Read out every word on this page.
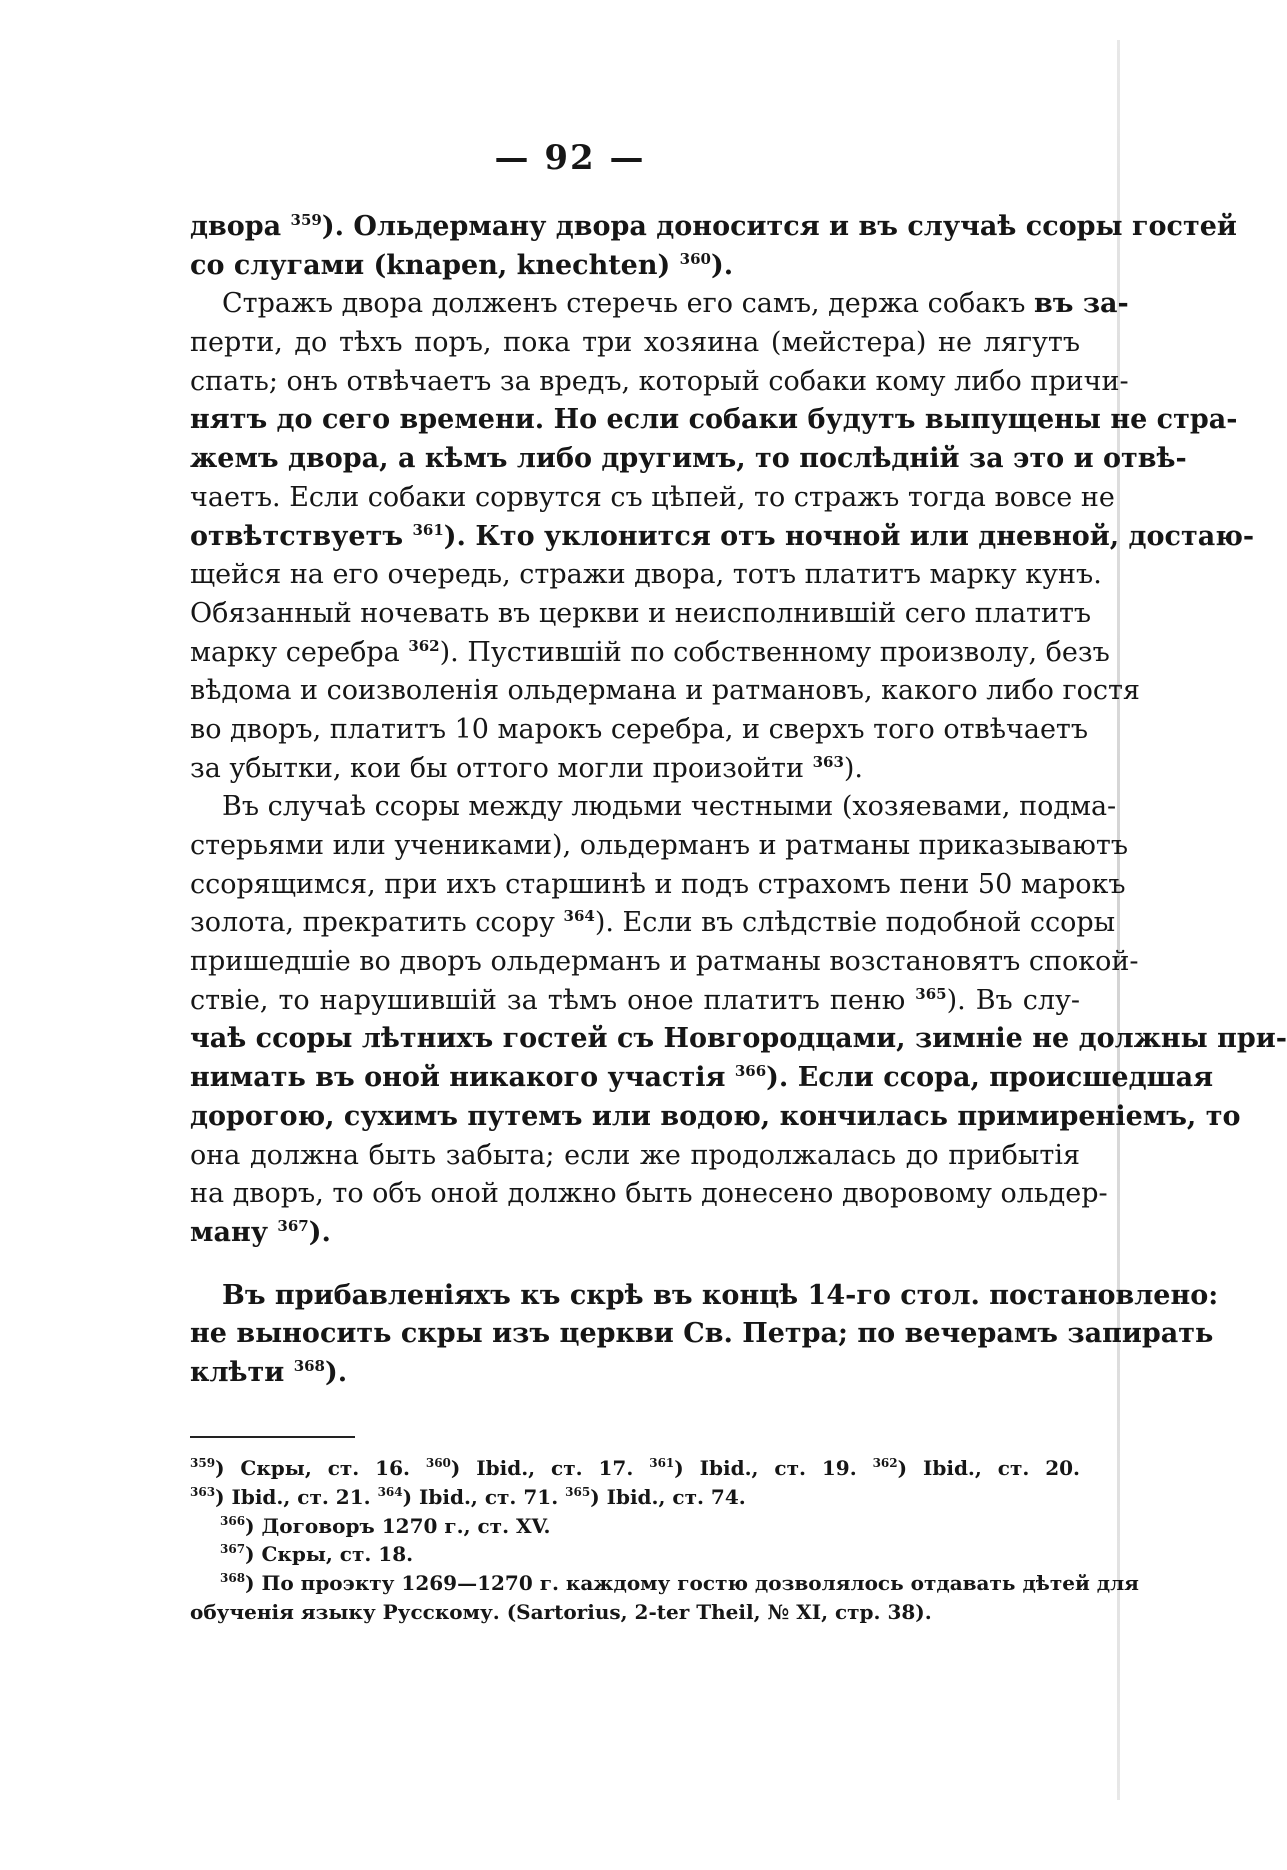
— 92 —
двора $^{359}$). Ольдерману двора доносится и въ случаѣ ссоры гостей
со слугами (knapen, knechten) $^{360}$).
Стражъ двора долженъ стеречь его самъ, держа собакъ въ за-
перти, до тѣхъ поръ, пока три хозяина (мейстера) не лягутъ
спать; онъ отвѣчаетъ за вредъ, который собаки кому либо причи-
нятъ до сего времени. Но если собаки будутъ выпущены не стра-
жемъ двора, а кѣмъ либо другимъ, то послѣдній за это и отвѣ-
чаетъ. Если собаки сорвутся съ цѣпей, то стражъ тогда вовсе не
отвѣтствуетъ $^{361}$). Кто уклонится отъ ночной или дневной, достаю-
щейся на его очередь, стражи двора, тотъ платитъ марку кунъ.
Обязанный ночевать въ церкви и неисполнившій сего платитъ
марку серебра $^{362}$). Пустившій по собственному произволу, безъ
вѣдома и соизволенія ольдермана и ратмановъ, какого либо гостя
во дворъ, платитъ 10 марокъ серебра, и сверхъ того отвѣчаетъ
за убытки, кои бы оттого могли произойти $^{363}$).
Въ случаѣ ссоры между людьми честными (хозяевами, подма-
стерьями или учениками), ольдерманъ и ратманы приказываютъ
ссорящимся, при ихъ старшинѣ и подъ страхомъ пени 50 марокъ
золота, прекратить ссору $^{364}$). Если въ слѣдствіе подобной ссоры
пришедшіе во дворъ ольдерманъ и ратманы возстановятъ спокой-
ствіе, то нарушившій за тѣмъ оное платитъ пеню $^{365}$). Въ слу-
чаѣ ссоры лѣтнихъ гостей съ Новгородцами, зимніе не должны при-
нимать въ оной никакого участія $^{366}$). Если ссора, происшедшая
дорогою, сухимъ путемъ или водою, кончилась примиреніемъ, то
она должна быть забыта; если же продолжалась до прибытія
на дворъ, то объ оной должно быть донесено дворовому ольдер-
ману $^{367}$).
Въ прибавленіяхъ къ скрѣ въ концѣ 14-го стол. постановлено:
не выносить скры изъ церкви Св. Петра; по вечерамъ запирать
клѣти $^{368}$).
$^{359}$) Скры, ст. 16. $^{360}$) Ibid., ст. 17. $^{361}$) Ibid., ст. 19. $^{362}$) Ibid., ст. 20.
$^{363}$) Ibid., ст. 21. $^{364}$) Ibid., ст. 71. $^{365}$) Ibid., ст. 74.
$^{366}$) Договоръ 1270 г., ст. XV.
$^{367}$) Скры, ст. 18.
$^{368}$) По проэкту 1269—1270 г. каждому гостю дозволялось отдавать дѣтей для
обученія языку Русскому. (Sartorius, 2-ter Theil, № XI, стр. 38).
